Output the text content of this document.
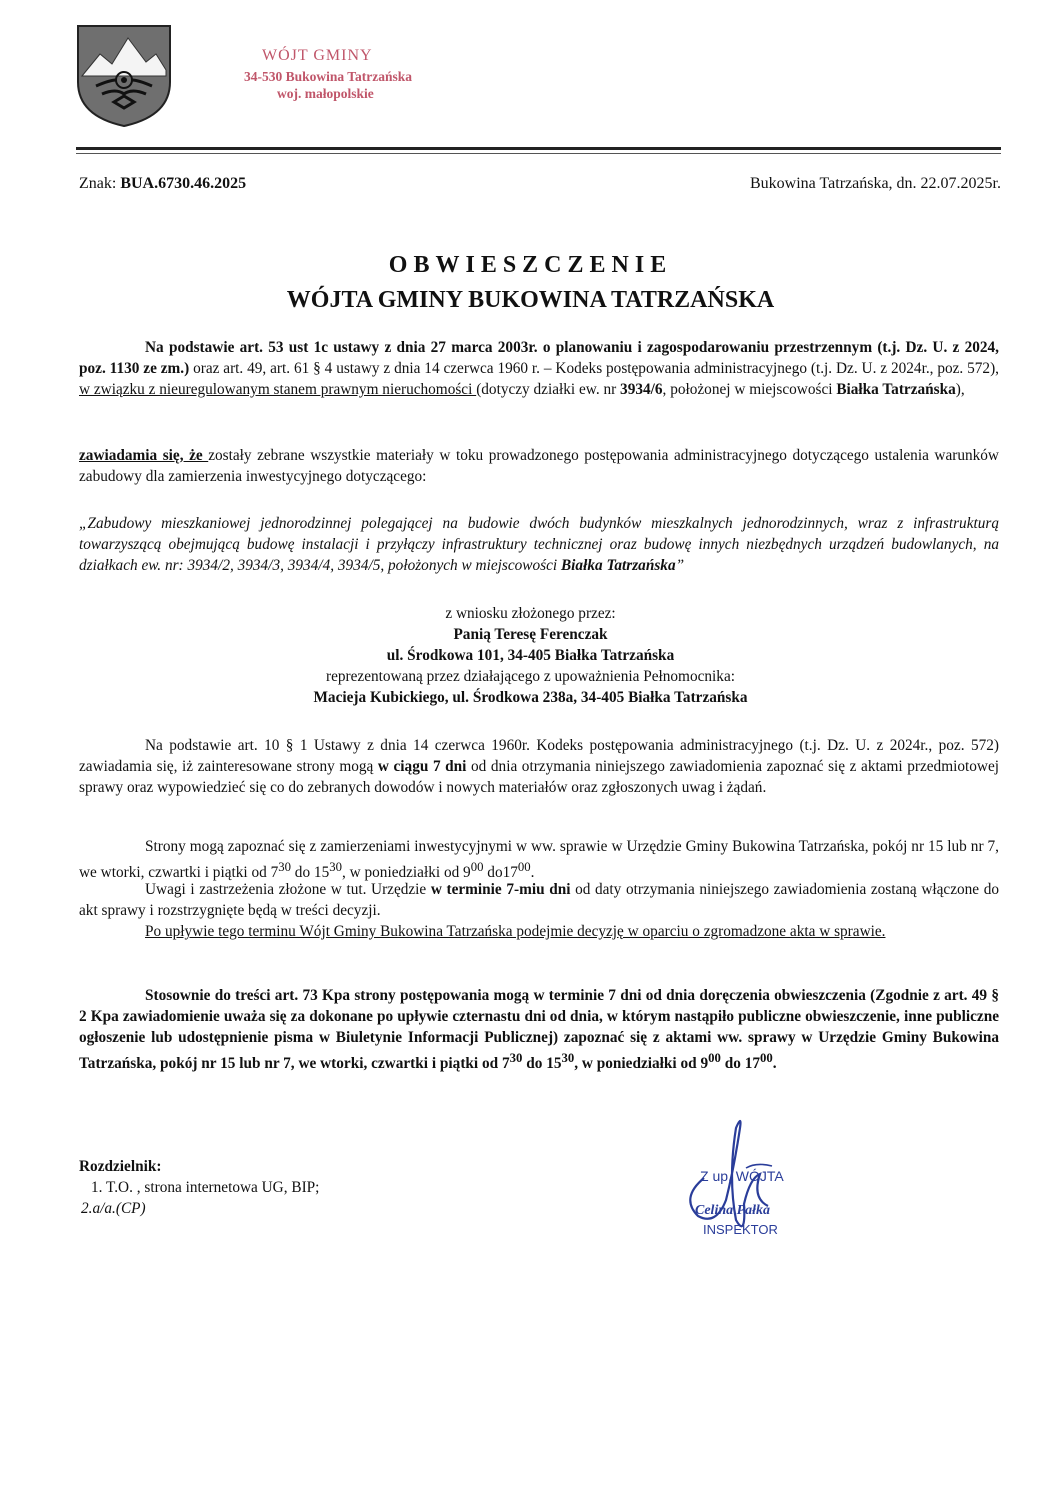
WÓJT GMINY
34-530 Bukowina Tatrzańska
woj. małopolskie
Znak: BUA.6730.46.2025	Bukowina Tatrzańska, dn. 22.07.2025r.
OBWIESZCZENIE
WÓJTA GMINY BUKOWINA TATRZAŃSKA

Na podstawie art. 53 ust 1c ustawy z dnia 27 marca 2003r. o planowaniu i zagospodarowaniu przestrzennym (t.j. Dz. U. z 2024, poz. 1130 ze zm.) oraz art. 49, art. 61 § 4 ustawy z dnia 14 czerwca 1960 r. – Kodeks postępowania administracyjnego (t.j. Dz. U. z 2024r., poz. 572), w związku z nieuregulowanym stanem prawnym nieruchomości (dotyczy działki ew. nr 3934/6, położonej w miejscowości Białka Tatrzańska),

zawiadamia się, że zostały zebrane wszystkie materiały w toku prowadzonego postępowania administracyjnego dotyczącego ustalenia warunków zabudowy dla zamierzenia inwestycyjnego dotyczącego:

„Zabudowy mieszkaniowej jednorodzinnej polegającej na budowie dwóch budynków mieszkalnych jednorodzinnych, wraz z infrastrukturą towarzyszącą obejmującą budowę instalacji i przyłączy infrastruktury technicznej oraz budowę innych niezbędnych urządzeń budowlanych, na działkach ew. nr: 3934/2, 3934/3, 3934/4, 3934/5, położonych w miejscowości Białka Tatrzańska”

z wniosku złożonego przez:
Panią Teresę Ferenczak
ul. Środkowa 101, 34-405 Białka Tatrzańska
reprezentowaną przez działającego z upoważnienia Pełnomocnika:
Macieja Kubickiego, ul. Środkowa 238a, 34-405 Białka Tatrzańska

Na podstawie art. 10 § 1 Ustawy z dnia 14 czerwca 1960r. Kodeks postępowania administracyjnego (t.j. Dz. U. z 2024r., poz. 572) zawiadamia się, iż zainteresowane strony mogą w ciągu 7 dni od dnia otrzymania niniejszego zawiadomienia zapoznać się z aktami przedmiotowej sprawy oraz wypowiedzieć się co do zebranych dowodów i nowych materiałów oraz zgłoszonych uwag i żądań.

Strony mogą zapoznać się z zamierzeniami inwestycyjnymi w ww. sprawie w Urzędzie Gminy Bukowina Tatrzańska, pokój nr 15 lub nr 7, we wtorki, czwartki i piątki od $7^{30}$ do $15^{30}$, w poniedziałki od $9^{00}$ $do17^{00}$.

Uwagi i zastrzeżenia złożone w tut. Urzędzie w terminie 7-miu dni od daty otrzymania niniejszego zawiadomienia zostaną włączone do akt sprawy i rozstrzygnięte będą w treści decyzji.

Po upływie tego terminu Wójt Gminy Bukowina Tatrzańska podejmie decyzję w oparciu o zgromadzone akta w sprawie.

Stosownie do treści art. 73 Kpa strony postępowania mogą w terminie 7 dni od dnia doręczenia obwieszczenia (Zgodnie z art. 49 § 2 Kpa zawiadomienie uważa się za dokonane po upływie czternastu dni od dnia, w którym nastąpiło publiczne obwieszczenie, inne publiczne ogłoszenie lub udostępnienie pisma w Biuletynie Informacji Publicznej) zapoznać się z aktami ww. sprawy w Urzędzie Gminy Bukowina Tatrzańska, pokój nr 15 lub nr 7, we wtorki, czwartki i piątki od $7^{30}$ do $15^{30}$, w poniedziałki od $9^{00}$ do $17^{00}$.

Rozdzielnik:
1. T.O. , strona internetowa UG, BIP;
2.a/a.(CP)
Z up. WÓJTA
Celina Pałka
INSPEKTOR
